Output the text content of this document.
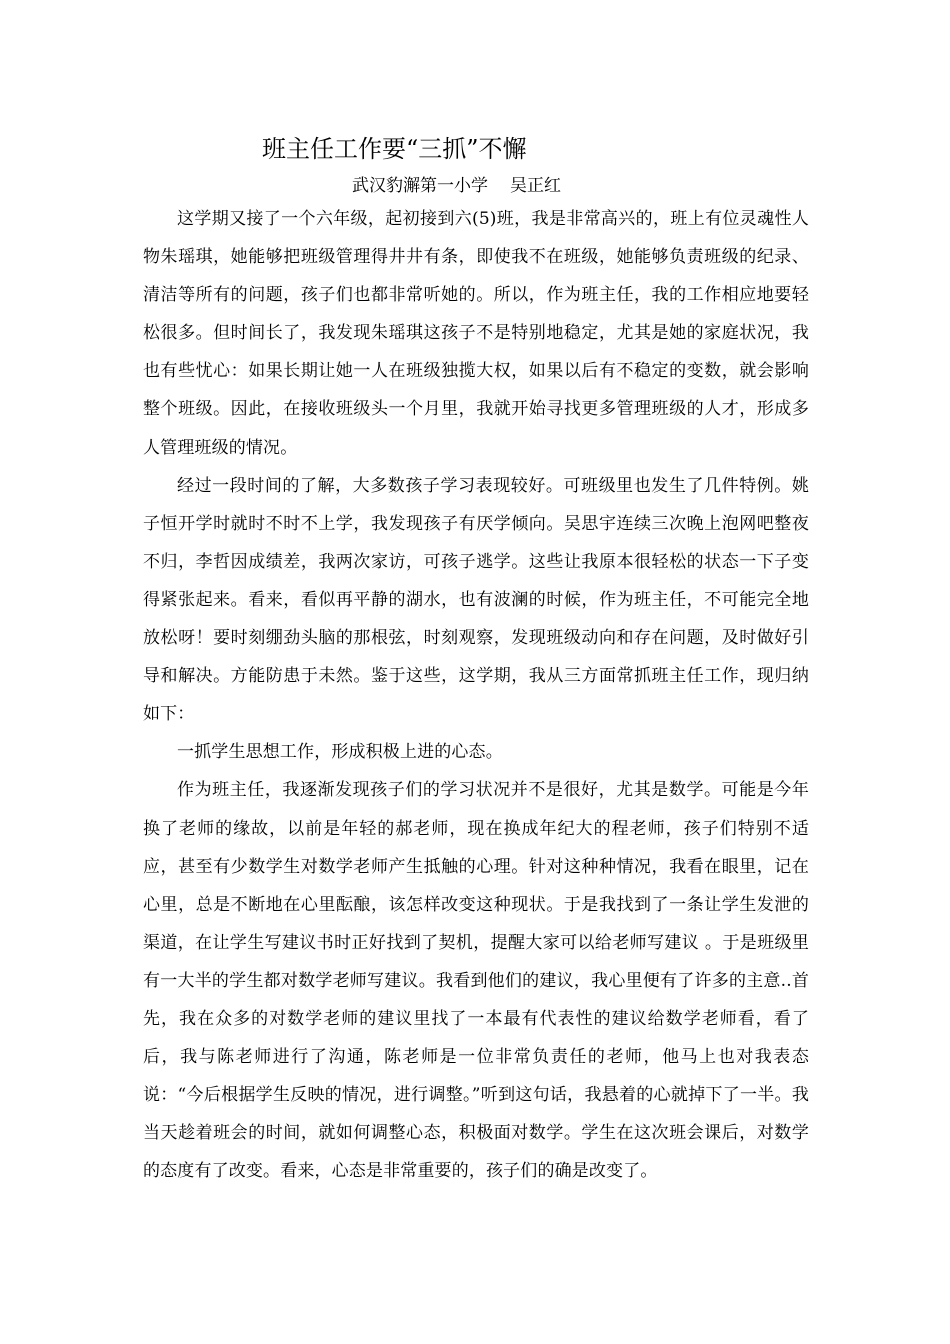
班主任工作要“三抓”不懈
武汉豹澥第一小学 吴正红

这学期又接了一个六年级，起初接到六(5)班，我是非常高兴的，班上有位灵魂性人物朱瑶琪，她能够把班级管理得井井有条，即使我不在班级，她能够负责班级的纪录、清洁等所有的问题，孩子们也都非常听她的。所以，作为班主任，我的工作相应地要轻松很多。但时间长了，我发现朱瑶琪这孩子不是特别地稳定，尤其是她的家庭状况，我也有些忧心：如果长期让她一人在班级独揽大权，如果以后有不稳定的变数，就会影响整个班级。因此，在接收班级头一个月里，我就开始寻找更多管理班级的人才，形成多人管理班级的情况。

经过一段时间的了解，大多数孩子学习表现较好。可班级里也发生了几件特例。姚子恒开学时就时不时不上学，我发现孩子有厌学倾向。吴思宇连续三次晚上泡网吧整夜不归，李哲因成绩差，我两次家访，可孩子逃学。这些让我原本很轻松的状态一下子变得紧张起来。看来，看似再平静的湖水，也有波澜的时候，作为班主任，不可能完全地放松呀！要时刻绷劲头脑的那根弦，时刻观察，发现班级动向和存在问题，及时做好引导和解决。方能防患于未然。鉴于这些，这学期，我从三方面常抓班主任工作，现归纳如下：

一抓学生思想工作，形成积极上进的心态。

作为班主任，我逐渐发现孩子们的学习状况并不是很好，尤其是数学。可能是今年换了老师的缘故，以前是年轻的郝老师，现在换成年纪大的程老师，孩子们特别不适应，甚至有少数学生对数学老师产生抵触的心理。针对这种种情况，我看在眼里，记在心里，总是不断地在心里酝酿，该怎样改变这种现状。于是我找到了一条让学生发泄的渠道，在让学生写建议书时正好找到了契机，提醒大家可以给老师写建议 。于是班级里有一大半的学生都对数学老师写建议。我看到他们的建议，我心里便有了许多的主意..首先，我在众多的对数学老师的建议里找了一本最有代表性的建议给数学老师看，看了后，我与陈老师进行了沟通，陈老师是一位非常负责任的老师，他马上也对我表态说：“今后根据学生反映的情况，进行调整。”听到这句话，我悬着的心就掉下了一半。我当天趁着班会的时间，就如何调整心态，积极面对数学。学生在这次班会课后，对数学的态度有了改变。看来，心态是非常重要的，孩子们的确是改变了。
